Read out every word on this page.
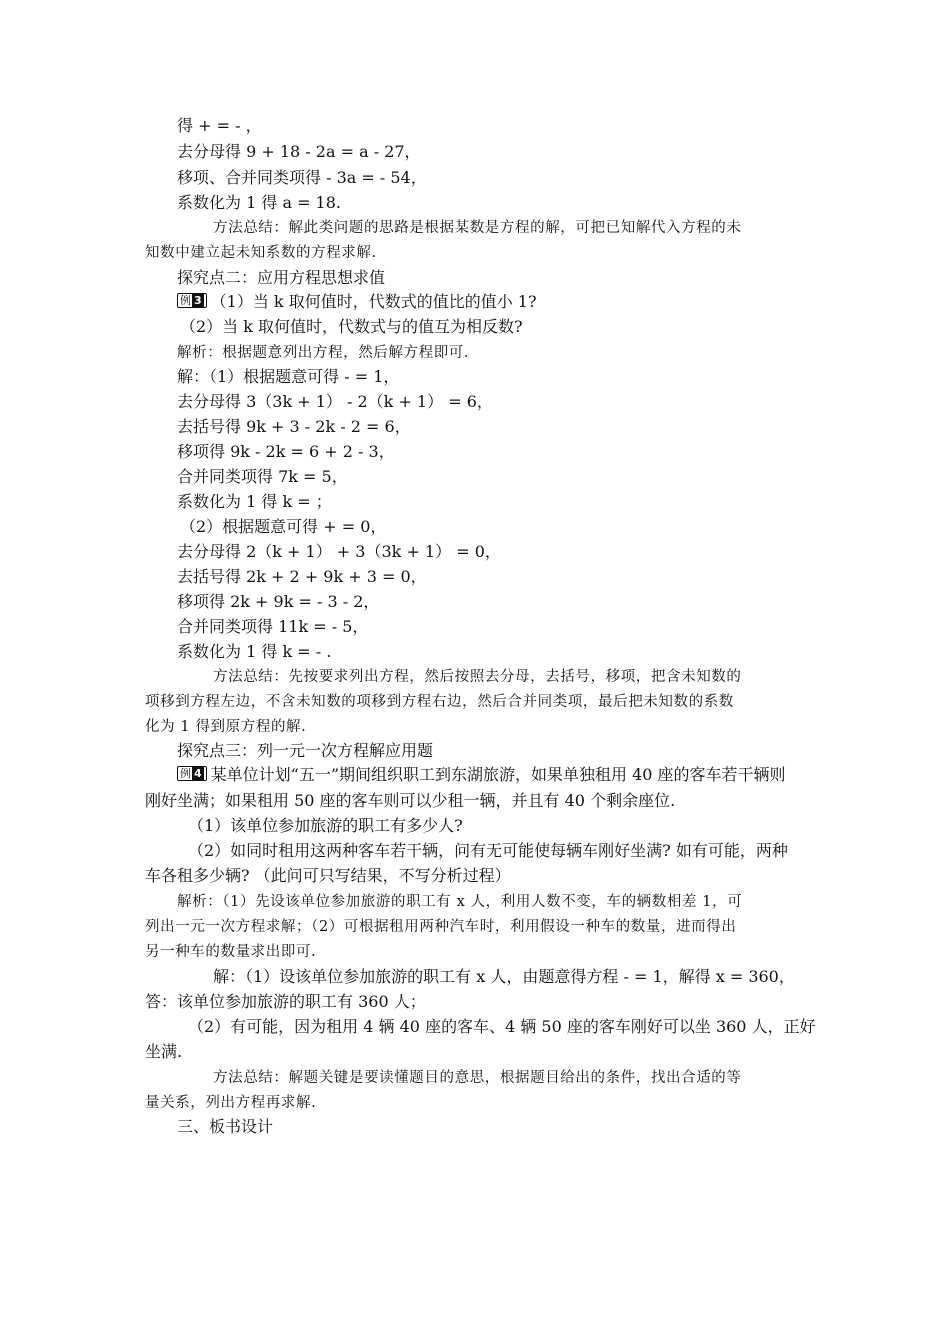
得 + = - ，
去分母得 9 + 18 - 2a = a - 27，
移项、合并同类项得 - 3a = - 54，
系数化为 1 得 a = 18.
方法总结：解此类问题的思路是根据某数是方程的解，可把已知解代入方程的未
知数中建立起未知系数的方程求解.
探究点二：应用方程思想求值
例 3 （1）当 k 取何值时，代数式的值比的值小 1?
（2）当 k 取何值时，代数式与的值互为相反数?
解析：根据题意列出方程，然后解方程即可.
解：（1）根据题意可得 - = 1，
去分母得 3（3k + 1） - 2（k + 1） = 6，
去括号得 9k + 3 - 2k - 2 = 6，
移项得 9k - 2k = 6 + 2 - 3，
合并同类项得 7k = 5，
系数化为 1 得 k = ；
（2）根据题意可得 + = 0，
去分母得 2（k + 1） + 3（3k + 1） = 0，
去括号得 2k + 2 + 9k + 3 = 0，
移项得 2k + 9k = - 3 - 2，
合并同类项得 11k = - 5，
系数化为 1 得 k = - .
方法总结：先按要求列出方程，然后按照去分母，去括号，移项，把含未知数的
项移到方程左边，不含未知数的项移到方程右边，然后合并同类项，最后把未知数的系数
化为 1 得到原方程的解.
探究点三：列一元一次方程解应用题
例 4 某单位计划“五一”期间组织职工到东湖旅游，如果单独租用 40 座的客车若干辆则
刚好坐满；如果租用 50 座的客车则可以少租一辆，并且有 40 个剩余座位.
（1）该单位参加旅游的职工有多少人?
（2）如同时租用这两种客车若干辆，问有无可能使每辆车刚好坐满? 如有可能，两种
车各租多少辆? （此问可只写结果，不写分析过程）
解析：（1）先设该单位参加旅游的职工有 x 人，利用人数不变，车的辆数相差 1，可
列出一元一次方程求解；（2）可根据租用两种汽车时，利用假设一种车的数量，进而得出
另一种车的数量求出即可.
解：（1）设该单位参加旅游的职工有 x 人，由题意得方程 - = 1，解得 x = 360，
答：该单位参加旅游的职工有 360 人；
（2）有可能，因为租用 4 辆 40 座的客车、4 辆 50 座的客车刚好可以坐 360 人，正好
坐满.
方法总结：解题关键是要读懂题目的意思，根据题目给出的条件，找出合适的等
量关系，列出方程再求解.
三、板书设计
